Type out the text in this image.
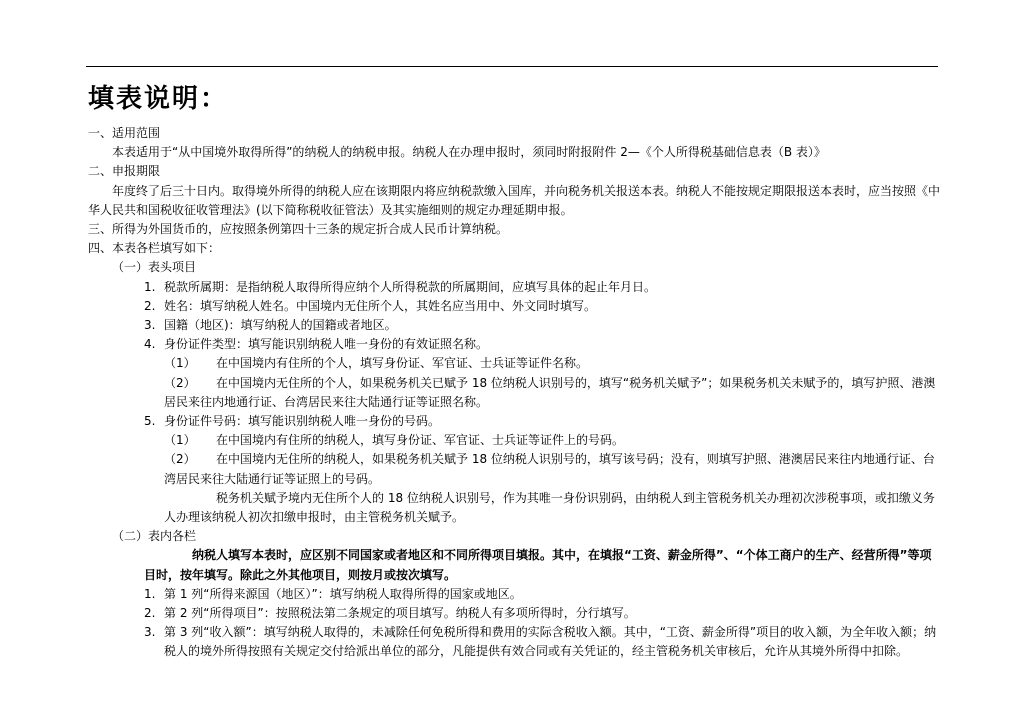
填表说明：
一、适用范围
本表适用于“从中国境外取得所得”的纳税人的纳税申报。纳税人在办理申报时，须同时附报附件 2—《个人所得税基础信息表（B 表）》
二、申报期限
年度终了后三十日内。取得境外所得的纳税人应在该期限内将应纳税款缴入国库，并向税务机关报送本表。纳税人不能按规定期限报送本表时，应当按照《中华人民共和国税收征收管理法》(以下简称税收征管法）及其实施细则的规定办理延期申报。
三、所得为外国货币的，应按照条例第四十三条的规定折合成人民币计算纳税。
四、本表各栏填写如下：
（一）表头项目
1. 税款所属期：是指纳税人取得所得应纳个人所得税款的所属期间，应填写具体的起止年月日。
2. 姓名：填写纳税人姓名。中国境内无住所个人，其姓名应当用中、外文同时填写。
3. 国籍（地区)：填写纳税人的国籍或者地区。
4. 身份证件类型：填写能识别纳税人唯一身份的有效证照名称。
（1）	在中国境内有住所的个人，填写身份证、军官证、士兵证等证件名称。
（2） 在中国境内无住所的个人，如果税务机关已赋予 18 位纳税人识别号的，填写“税务机关赋予”；如果税务机关未赋予的，填写护照、港澳居民来往内地通行证、台湾居民来往大陆通行证等证照名称。
5. 身份证件号码：填写能识别纳税人唯一身份的号码。
（1）	在中国境内有住所的纳税人，填写身份证、军官证、士兵证等证件上的号码。
（2） 在中国境内无住所的纳税人，如果税务机关赋予 18 位纳税人识别号的，填写该号码；没有，则填写护照、港澳居民来往内地通行证、台湾居民来往大陆通行证等证照上的号码。
税务机关赋予境内无住所个人的 18 位纳税人识别号，作为其唯一身份识别码，由纳税人到主管税务机关办理初次涉税事项，或扣缴义务人办理该纳税人初次扣缴申报时，由主管税务机关赋予。
（二）表内各栏
纳税人填写本表时，应区别不同国家或者地区和不同所得项目填报。其中，在填报“工资、薪金所得”、“个体工商户的生产、经营所得”等项目时，按年填写。除此之外其他项目，则按月或按次填写。
1. 第 1 列“所得来源国（地区）”：填写纳税人取得所得的国家或地区。
2. 第 2 列“所得项目”：按照税法第二条规定的项目填写。纳税人有多项所得时，分行填写。
3. 第 3 列“收入额”：填写纳税人取得的，未减除任何免税所得和费用的实际含税收入额。其中，“工资、薪金所得”项目的收入额，为全年收入额；纳税人的境外所得按照有关规定交付给派出单位的部分，凡能提供有效合同或有关凭证的，经主管税务机关审核后，允许从其境外所得中扣除。
